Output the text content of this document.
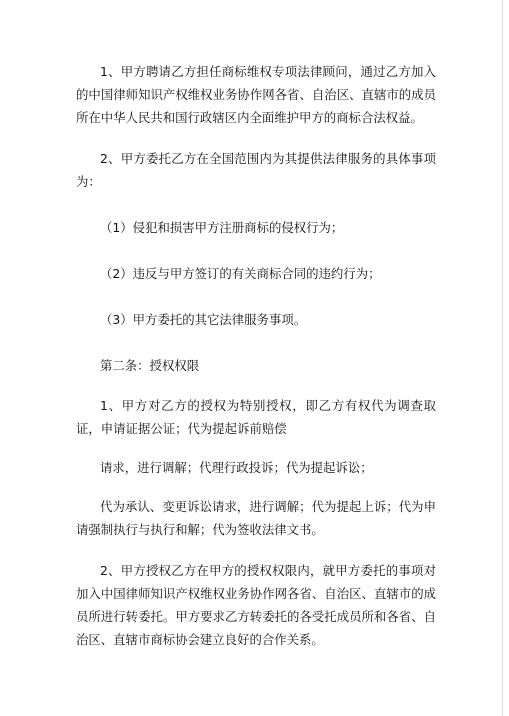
1、甲方聘请乙方担任商标维权专项法律顾问，通过乙方加入的中国律师知识产权维权业务协作网各省、自治区、直辖市的成员所在中华人民共和国行政辖区内全面维护甲方的商标合法权益。

2、甲方委托乙方在全国范围内为其提供法律服务的具体事项为：

（1）侵犯和损害甲方注册商标的侵权行为；

（2）违反与甲方签订的有关商标合同的违约行为；

（3）甲方委托的其它法律服务事项。

第二条：授权权限

1、甲方对乙方的授权为特别授权，即乙方有权代为调查取证，申请证据公证；代为提起诉前赔偿

请求，进行调解；代理行政投诉；代为提起诉讼；

代为承认、变更诉讼请求，进行调解；代为提起上诉；代为申请强制执行与执行和解；代为签收法律文书。

2、甲方授权乙方在甲方的授权权限内，就甲方委托的事项对加入中国律师知识产权维权业务协作网各省、自治区、直辖市的成员所进行转委托。甲方要求乙方转委托的各受托成员所和各省、自治区、直辖市商标协会建立良好的合作关系。
